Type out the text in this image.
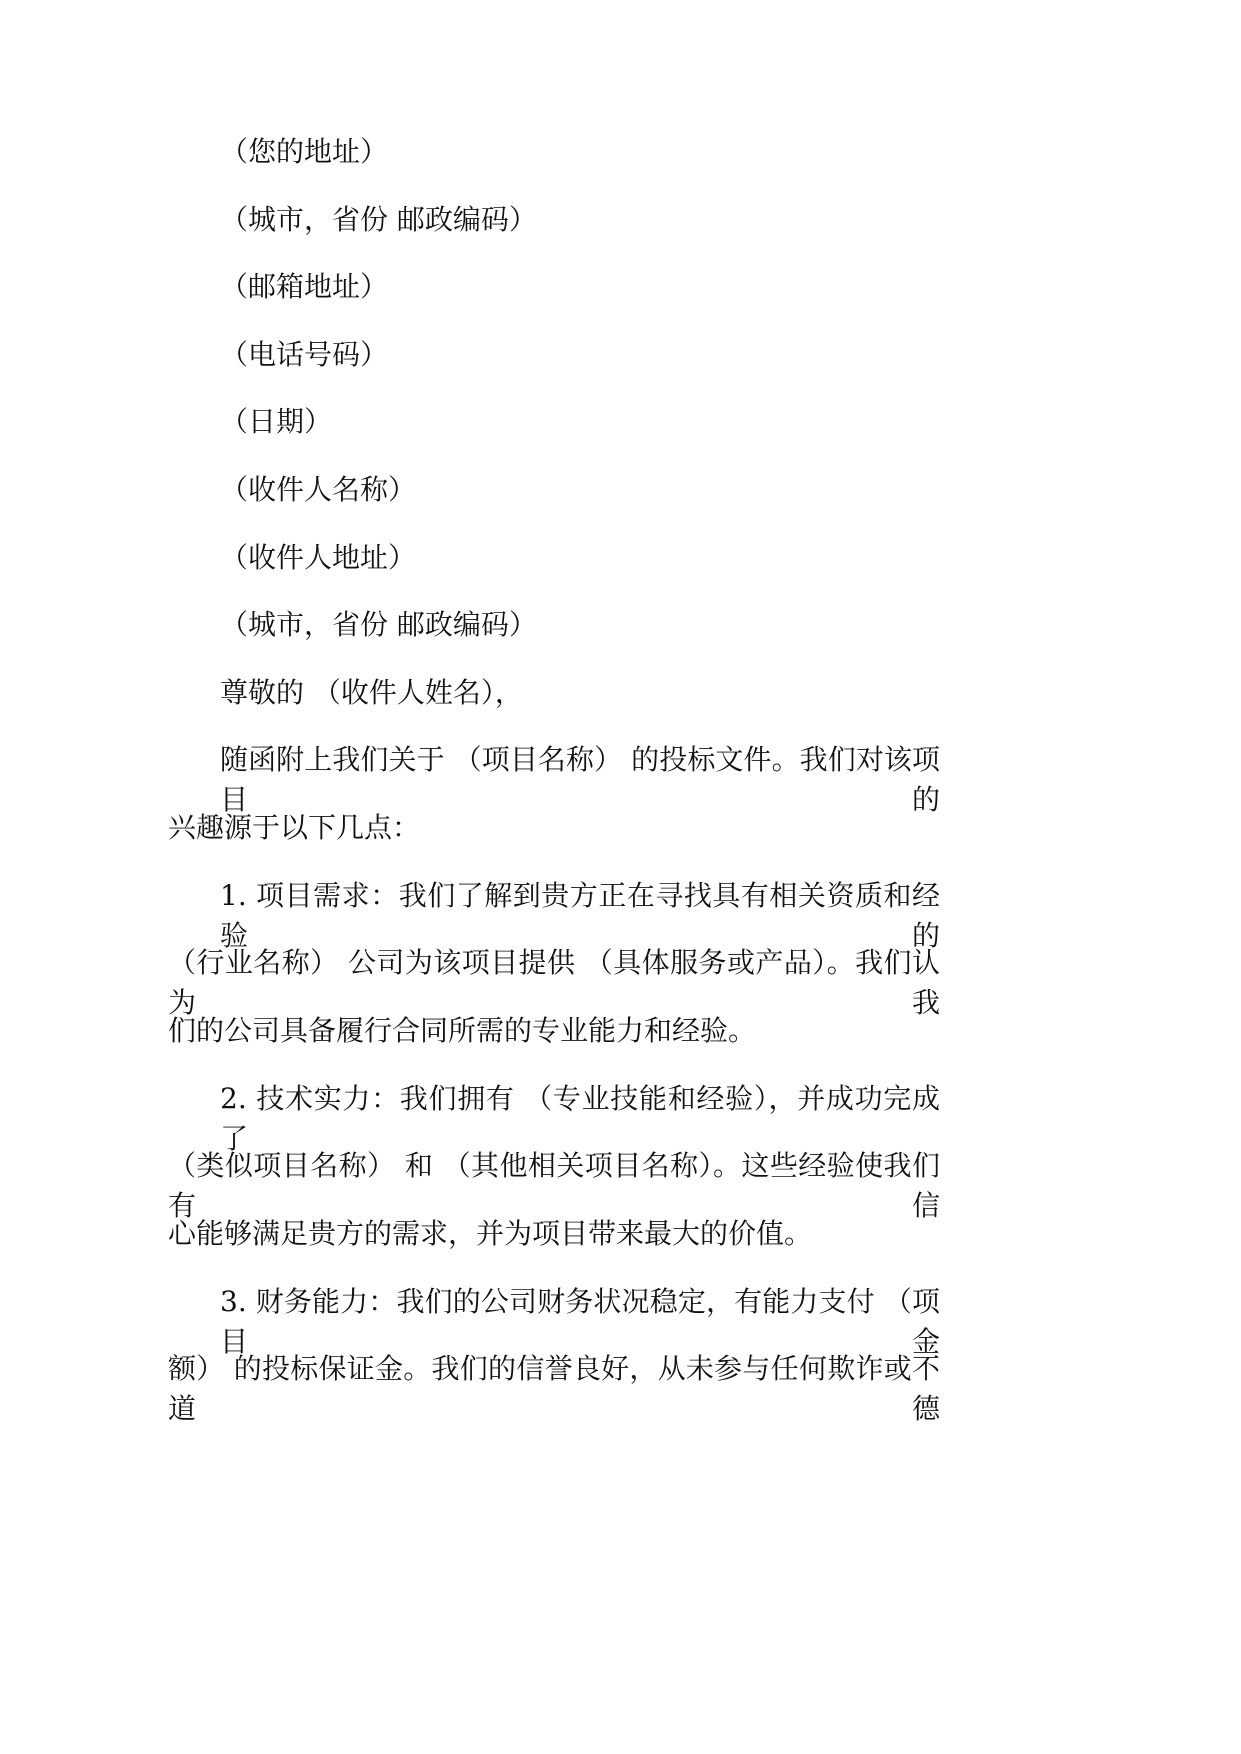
（您的地址）
（城市，省份 邮政编码）
（邮箱地址）
（电话号码）
（日期）
（收件人名称）
（收件人地址）
（城市，省份 邮政编码）
尊敬的 （收件人姓名），
随函附上我们关于 （项目名称） 的投标文件。我们对该项目的
兴趣源于以下几点：
1. 项目需求：我们了解到贵方正在寻找具有相关资质和经验的
（行业名称） 公司为该项目提供 （具体服务或产品）。我们认为我
们的公司具备履行合同所需的专业能力和经验。
2. 技术实力：我们拥有 （专业技能和经验），并成功完成了
（类似项目名称） 和 （其他相关项目名称）。这些经验使我们有信
心能够满足贵方的需求，并为项目带来最大的价值。
3. 财务能力：我们的公司财务状况稳定，有能力支付 （项目金
额） 的投标保证金。我们的信誉良好，从未参与任何欺诈或不道德
